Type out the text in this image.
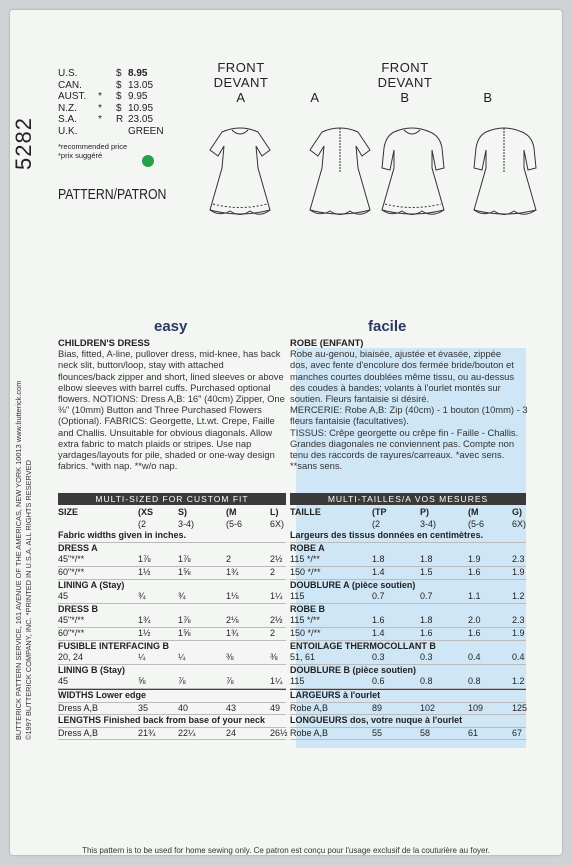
5282
BUTTERICK PATTERN SERVICE, 161 AVENUE OF THE AMERICAS, NEW YORK 10013 www.butterick.com ©1997 BUTTERICK COMPANY, INC. *PRINTED IN U.S.A. ALL RIGHTS RESERVED
U.S.	$ 8.95
CAN.	$ 13.05
AUST. * $ 9.95
N.Z. * $ 10.95
S.A. * R 23.05
U.K.	GREEN
*recommended price
*prix suggéré
PATTERN/PATRON
FRONT
DEVANT
A	A
FRONT
DEVANT
B	B
easy	facile
CHILDREN'S DRESS
Bias, fitted, A-line, pullover dress, mid-knee, has back
neck slit, button/loop, stay with attached
flounces/back zipper and short, lined sleeves or above
elbow sleeves with barrel cuffs. Purchased optional
flowers. NOTIONS: Dress A,B: 16" (40cm) Zipper, One
⅜" (10mm) Button and Three Purchased Flowers
(Optional). FABRICS: Georgette, Lt.wt. Crepe, Faille
and Challis. Unsuitable for obvious diagonals. Allow
extra fabric to match plaids or stripes. Use nap
yardages/layouts for pile, shaded or one-way design
fabrics. *with nap. **w/o nap.
ROBE (ENFANT)
Robe au-genou, biaisée, ajustée et évasée, zippée
dos, avec fente d'encolure dos fermée bride/bouton et
manches courtes doublées même tissu, ou au-dessus
des coudes à bandes; volants à l'ourlet montés sur
soutien. Fleurs fantaisie si désiré.
MERCERIE: Robe A,B: Zip (40cm) - 1 bouton (10mm) - 3
fleurs fantaisie (facultatives).
TISSUS: Crêpe georgette ou crêpe fin - Faille - Challis.
Grandes diagonales ne conviennent pas. Compte non
tenu des raccords de rayures/carreaux. *avec sens.
**sans sens.
MULTI-SIZED FOR CUSTOM FIT	MULTI-TAILLES/A VOS MESURES
SIZE	(XS	S)	(M	L)
(2	3-4)	(5-6	6X)
Fabric widths given in inches.
DRESS A
45"*/**	1⅞	1⅞	2	2½
60"*/**	1½	1⅝	1¾	2
LINING A (Stay)
45	¾	¾	1⅛	1¼
DRESS B
45"*/**	1¾	1⅞	2⅛	2½
60"*/**	1½	1⅝	1¾	2
FUSIBLE INTERFACING B
20, 24	¼	¼	⅜	⅜
LINING B (Stay)
45	⅝	⅞	⅞	1¼
WIDTHS Lower edge
Dress A,B	35	40	43	49
LENGTHS Finished back from base of your neck
Dress A,B	21¾ 22¼	24	26½
TAILLE	(TP	P)	(M	G)
(2	3-4)	(5-6	6X)
Largeurs des tissus données en centimètres.
ROBE A
115 */**	1.8	1.8	1.9	2.3
150 */**	1.4	1.5	1.6	1.9
DOUBLURE A (pièce soutien)
115	0.7	0.7	1.1	1.2
ROBE B
115 */**	1.6	1.8	2.0	2.3
150 */**	1.4	1.6	1.6	1.9
ENTOILAGE THERMOCOLLANT B
51, 61	0.3	0.3	0.4	0.4
DOUBLURE B (pièce soutien)
115	0.6	0.8	0.8	1.2
LARGEURS à l'ourlet
Robe A,B	89	102	109	125
LONGUEURS dos, votre nuque à l'ourlet
Robe A,B	55	58	61	67
This pattern is to be used for home sewing only. Ce patron est conçu pour l'usage exclusif de la couturière au foyer.
